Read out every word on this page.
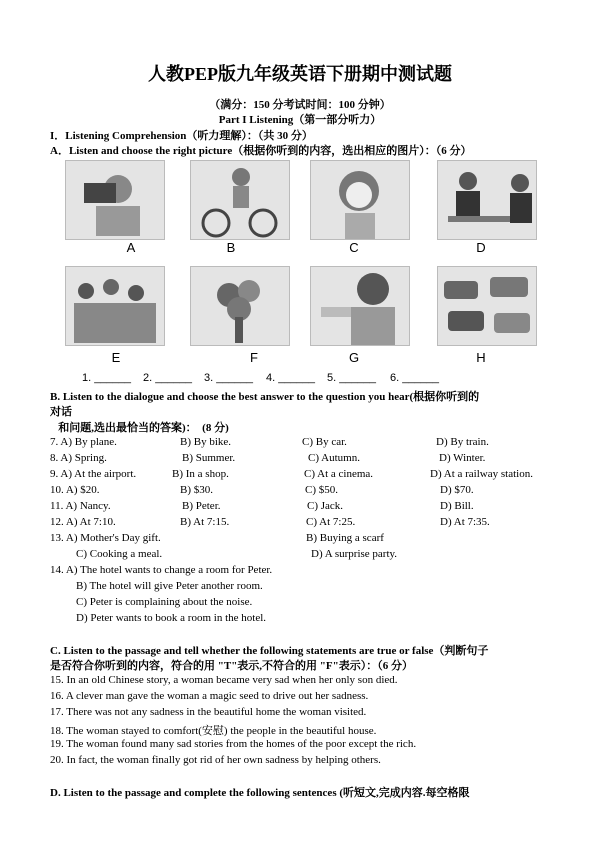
人教PEP版九年级英语下册期中测试题
（满分：150 分考试时间：100 分钟）
Part I Listening（第一部分听力）
I．Listening Comprehension（听力理解）：（共 30 分）
A．Listen and choose the right picture（根据你听到的内容，选出相应的图片）：（6 分）
A	B	C	D
E	F	G	H
1. ______ 2. ______ 3. ______ 4. ______ 5. ______ 6. ______
B. Listen to the dialogue and choose the best answer to the question you hear(根据你听到的
对话
和问题,选出最恰当的答案)：  (8 分)
7. A) By plane.	B) By bike.	C) By car.	D) By train.
8. A) Spring.	B) Summer.	C) Autumn.	D) Winter.
9. A) At the airport.	B) In a shop.	C) At a cinema.	D) At a railway station.
10. A) $20.	B) $30.	C) $50.	D) $70.
11. A) Nancy.	B) Peter.	C) Jack.	D) Bill.
12. A) At 7:10.	B) At 7:15.	C) At 7:25.	D) At 7:35.
13. A) Mother's Day gift.	B) Buying a scarf
C) Cooking a meal.	D) A surprise party.
14. A) The hotel wants to change a room for Peter.
B) The hotel will give Peter another room.
C) Peter is complaining about the noise.
D) Peter wants to book a room in the hotel.
C. Listen to the passage and tell whether the following statements are true or false（判断句子
是否符合你听到的内容，符合的用 "T"表示,不符合的用 "F"表示）：（6 分）
15. In an old Chinese story, a woman became very sad when her only son died.
16. A clever man gave the woman a magic seed to drive out her sadness.
17. There was not any sadness in the beautiful home the woman visited.
18. The woman stayed to comfort(安慰) the people in the beautiful house.
19. The woman found many sad stories from the homes of the poor except the rich.
20. In fact, the woman finally got rid of her own sadness by helping others.
D. Listen to the passage and complete the following sentences (听短文,完成内容.每空格限
